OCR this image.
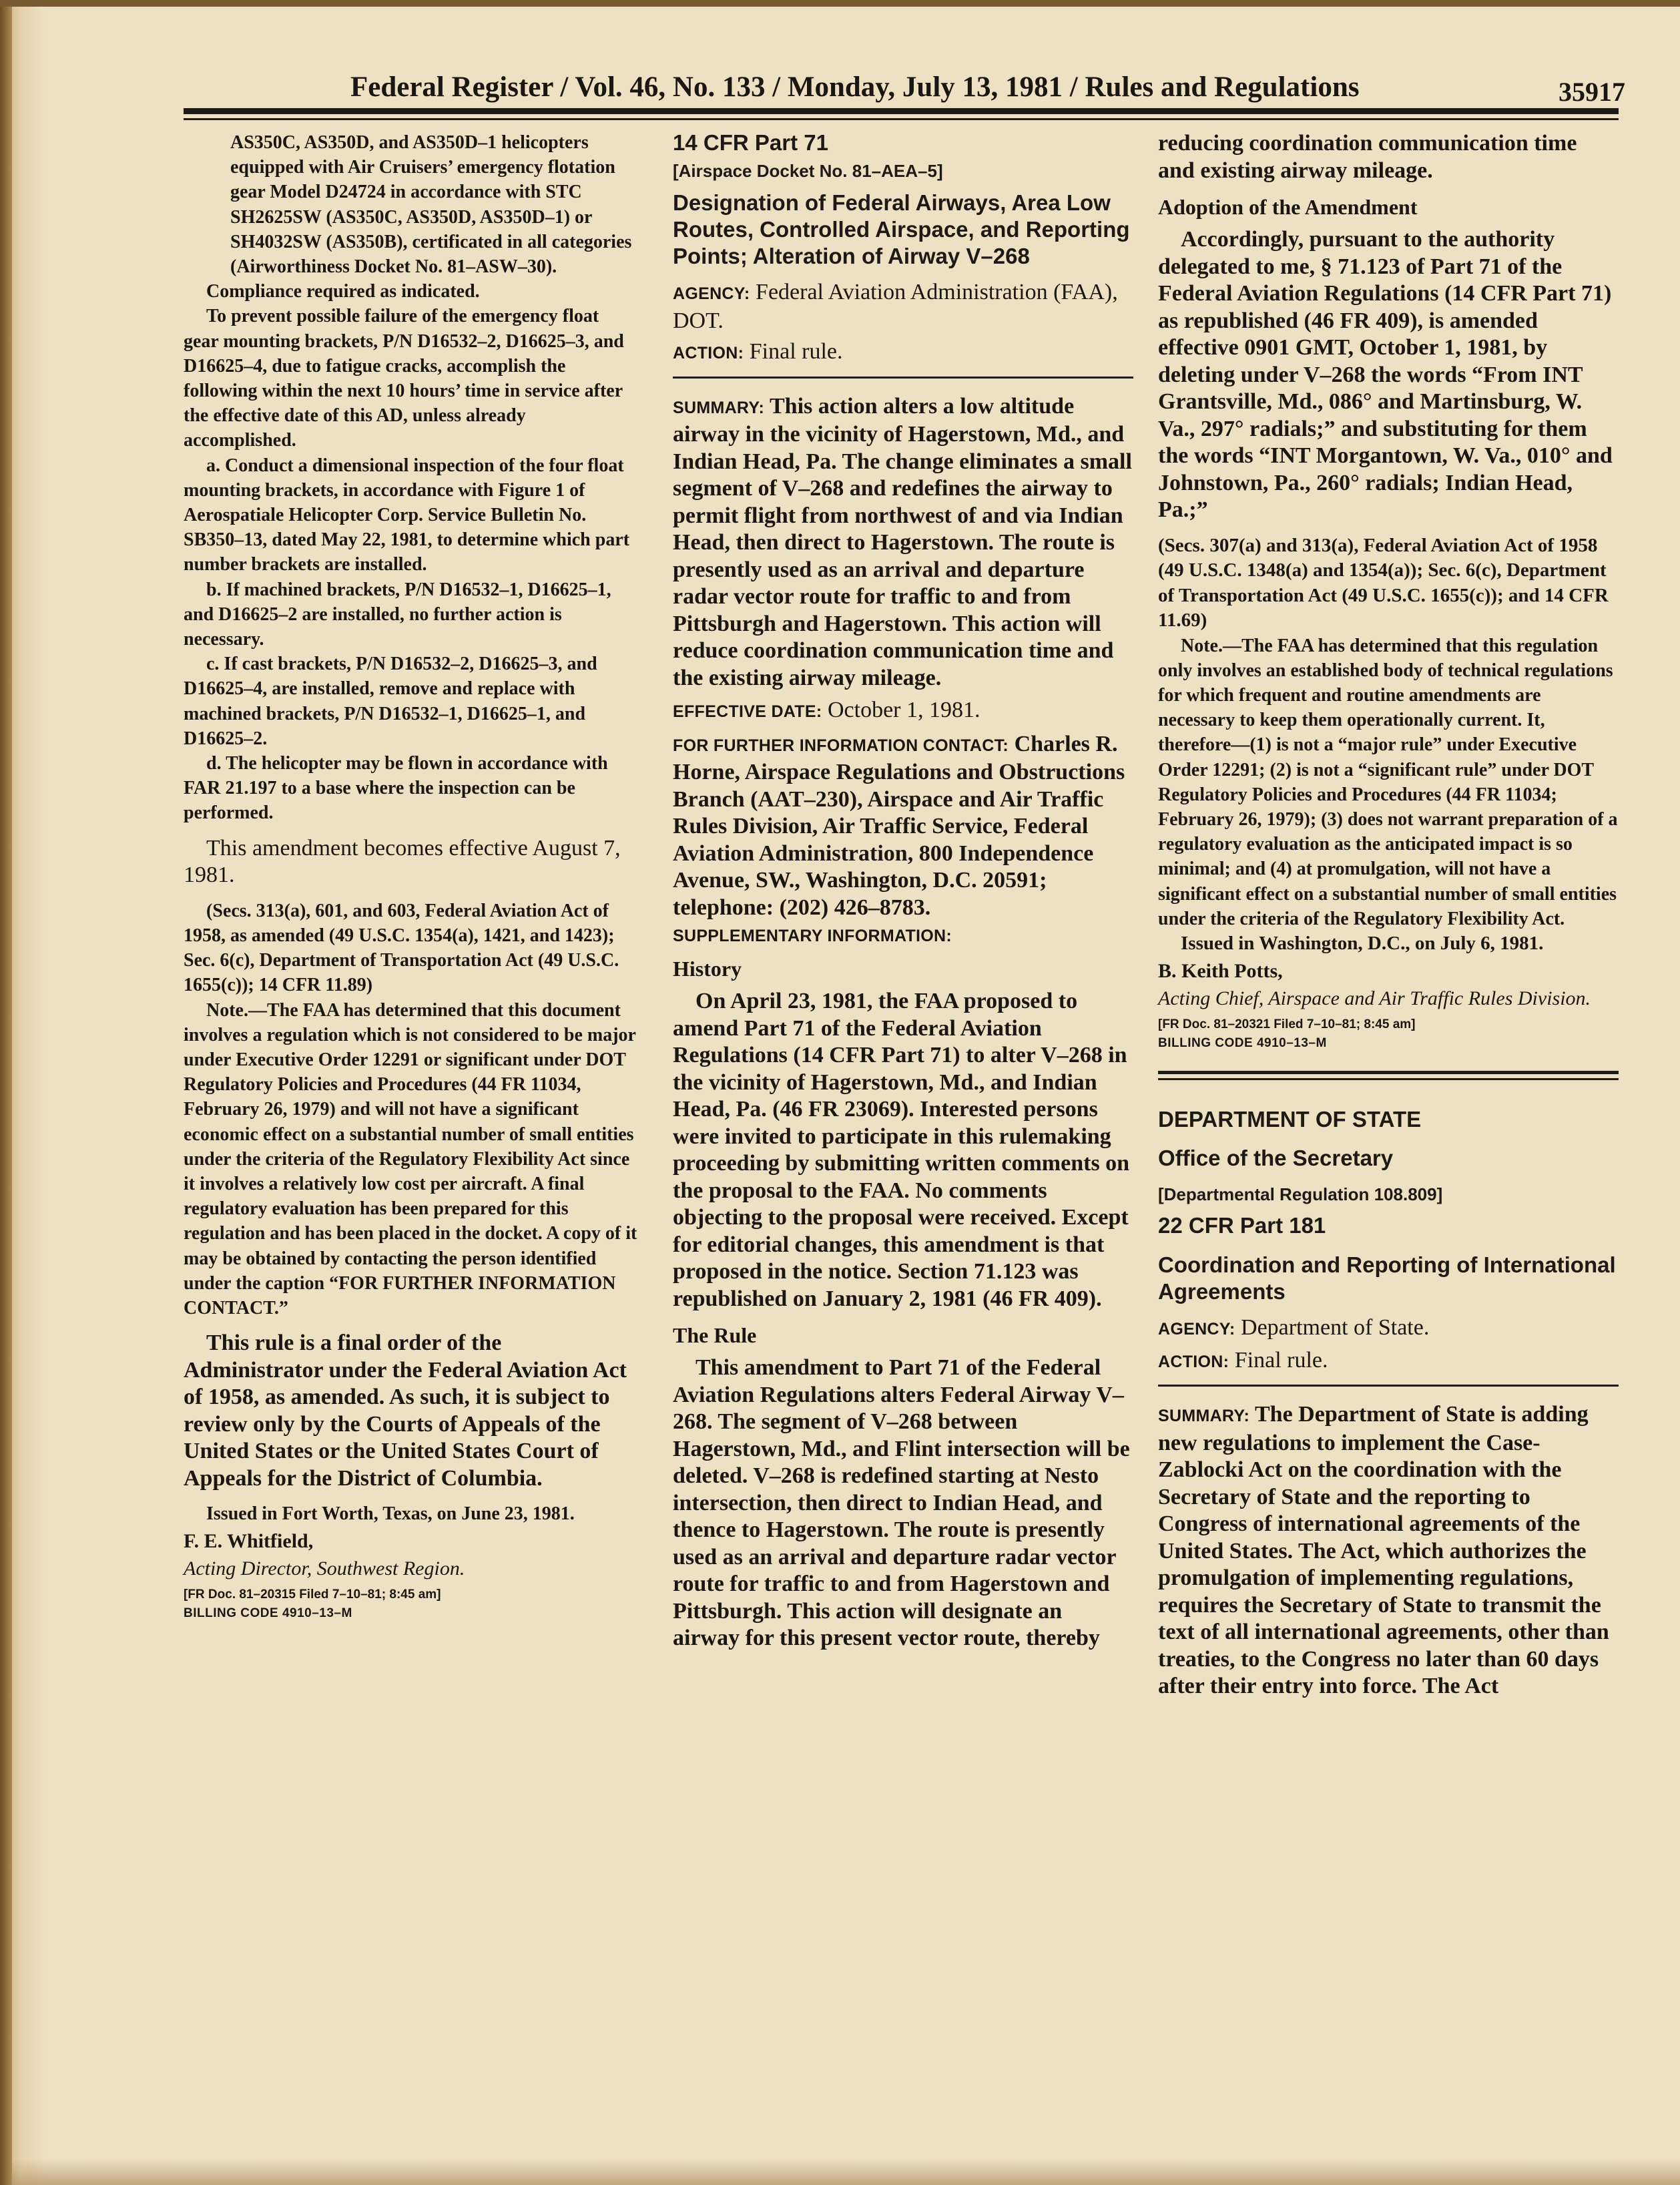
Federal Register / Vol. 46, No. 133 / Monday, July 13, 1981 / Rules and Regulations	35917

AS350C, AS350D, and AS350D–1 helicopters equipped with Air Cruisers’ emergency flotation gear Model D24724 in accordance with STC SH2625SW (AS350C, AS350D, AS350D–1) or SH4032SW (AS350B), certificated in all categories (Airworthiness Docket No. 81–ASW–30).

Compliance required as indicated.

To prevent possible failure of the emergency float gear mounting brackets, P/N D16532–2, D16625–3, and D16625–4, due to fatigue cracks, accomplish the following within the next 10 hours’ time in service after the effective date of this AD, unless already accomplished.

a. Conduct a dimensional inspection of the four float mounting brackets, in accordance with Figure 1 of Aerospatiale Helicopter Corp. Service Bulletin No. SB350–13, dated May 22, 1981, to determine which part number brackets are installed.

b. If machined brackets, P/N D16532–1, D16625–1, and D16625–2 are installed, no further action is necessary.

c. If cast brackets, P/N D16532–2, D16625–3, and D16625–4, are installed, remove and replace with machined brackets, P/N D16532–1, D16625–1, and D16625–2.

d. The helicopter may be flown in accordance with FAR 21.197 to a base where the inspection can be performed.

This amendment becomes effective August 7, 1981.

(Secs. 313(a), 601, and 603, Federal Aviation Act of 1958, as amended (49 U.S.C. 1354(a), 1421, and 1423); Sec. 6(c), Department of Transportation Act (49 U.S.C. 1655(c)); 14 CFR 11.89)

Note.—The FAA has determined that this document involves a regulation which is not considered to be major under Executive Order 12291 or significant under DOT Regulatory Policies and Procedures (44 FR 11034, February 26, 1979) and will not have a significant economic effect on a substantial number of small entities under the criteria of the Regulatory Flexibility Act since it involves a relatively low cost per aircraft. A final regulatory evaluation has been prepared for this regulation and has been placed in the docket. A copy of it may be obtained by contacting the person identified under the caption “FOR FURTHER INFORMATION CONTACT.”

This rule is a final order of the Administrator under the Federal Aviation Act of 1958, as amended. As such, it is subject to review only by the Courts of Appeals of the United States or the United States Court of Appeals for the District of Columbia.

Issued in Fort Worth, Texas, on June 23, 1981.

F. E. Whitfield,
Acting Director, Southwest Region.
[FR Doc. 81–20315 Filed 7–10–81; 8:45 am]
BILLING CODE 4910–13–M
14 CFR Part 71
[Airspace Docket No. 81–AEA–5]
Designation of Federal Airways, Area Low Routes, Controlled Airspace, and Reporting Points; Alteration of Airway V–268

AGENCY: Federal Aviation Administration (FAA), DOT.

ACTION: Final rule.

SUMMARY: This action alters a low altitude airway in the vicinity of Hagerstown, Md., and Indian Head, Pa. The change eliminates a small segment of V–268 and redefines the airway to permit flight from northwest of and via Indian Head, then direct to Hagerstown. The route is presently used as an arrival and departure radar vector route for traffic to and from Pittsburgh and Hagerstown. This action will reduce coordination communication time and the existing airway mileage.

EFFECTIVE DATE: October 1, 1981.

FOR FURTHER INFORMATION CONTACT: Charles R. Horne, Airspace Regulations and Obstructions Branch (AAT–230), Airspace and Air Traffic Rules Division, Air Traffic Service, Federal Aviation Administration, 800 Independence Avenue, SW., Washington, D.C. 20591; telephone: (202) 426–8783.

SUPPLEMENTARY INFORMATION:
History

On April 23, 1981, the FAA proposed to amend Part 71 of the Federal Aviation Regulations (14 CFR Part 71) to alter V–268 in the vicinity of Hagerstown, Md., and Indian Head, Pa. (46 FR 23069). Interested persons were invited to participate in this rulemaking proceeding by submitting written comments on the proposal to the FAA. No comments objecting to the proposal were received. Except for editorial changes, this amendment is that proposed in the notice. Section 71.123 was republished on January 2, 1981 (46 FR 409).

The Rule

This amendment to Part 71 of the Federal Aviation Regulations alters Federal Airway V–268. The segment of V–268 between Hagerstown, Md., and Flint intersection will be deleted. V–268 is redefined starting at Nesto intersection, then direct to Indian Head, and thence to Hagerstown. The route is presently used as an arrival and departure radar vector route for traffic to and from Hagerstown and Pittsburgh. This action will designate an airway for this present vector route, thereby

reducing coordination communication time and existing airway mileage.

Adoption of the Amendment

Accordingly, pursuant to the authority delegated to me, § 71.123 of Part 71 of the Federal Aviation Regulations (14 CFR Part 71) as republished (46 FR 409), is amended effective 0901 GMT, October 1, 1981, by deleting under V–268 the words “From INT Grantsville, Md., 086° and Martinsburg, W. Va., 297° radials;” and substituting for them the words “INT Morgantown, W. Va., 010° and Johnstown, Pa., 260° radials; Indian Head, Pa.;”

(Secs. 307(a) and 313(a), Federal Aviation Act of 1958 (49 U.S.C. 1348(a) and 1354(a)); Sec. 6(c), Department of Transportation Act (49 U.S.C. 1655(c)); and 14 CFR 11.69)

Note.—The FAA has determined that this regulation only involves an established body of technical regulations for which frequent and routine amendments are necessary to keep them operationally current. It, therefore—(1) is not a “major rule” under Executive Order 12291; (2) is not a “significant rule” under DOT Regulatory Policies and Procedures (44 FR 11034; February 26, 1979); (3) does not warrant preparation of a regulatory evaluation as the anticipated impact is so minimal; and (4) at promulgation, will not have a significant effect on a substantial number of small entities under the criteria of the Regulatory Flexibility Act.

Issued in Washington, D.C., on July 6, 1981.

B. Keith Potts,
Acting Chief, Airspace and Air Traffic Rules Division.
[FR Doc. 81–20321 Filed 7–10–81; 8:45 am]
BILLING CODE 4910–13–M
DEPARTMENT OF STATE
Office of the Secretary
[Departmental Regulation 108.809]
22 CFR Part 181
Coordination and Reporting of International Agreements

AGENCY: Department of State.

ACTION: Final rule.

SUMMARY: The Department of State is adding new regulations to implement the Case-Zablocki Act on the coordination with the Secretary of State and the reporting to Congress of international agreements of the United States. The Act, which authorizes the promulgation of implementing regulations, requires the Secretary of State to transmit the text of all international agreements, other than treaties, to the Congress no later than 60 days after their entry into force. The Act
